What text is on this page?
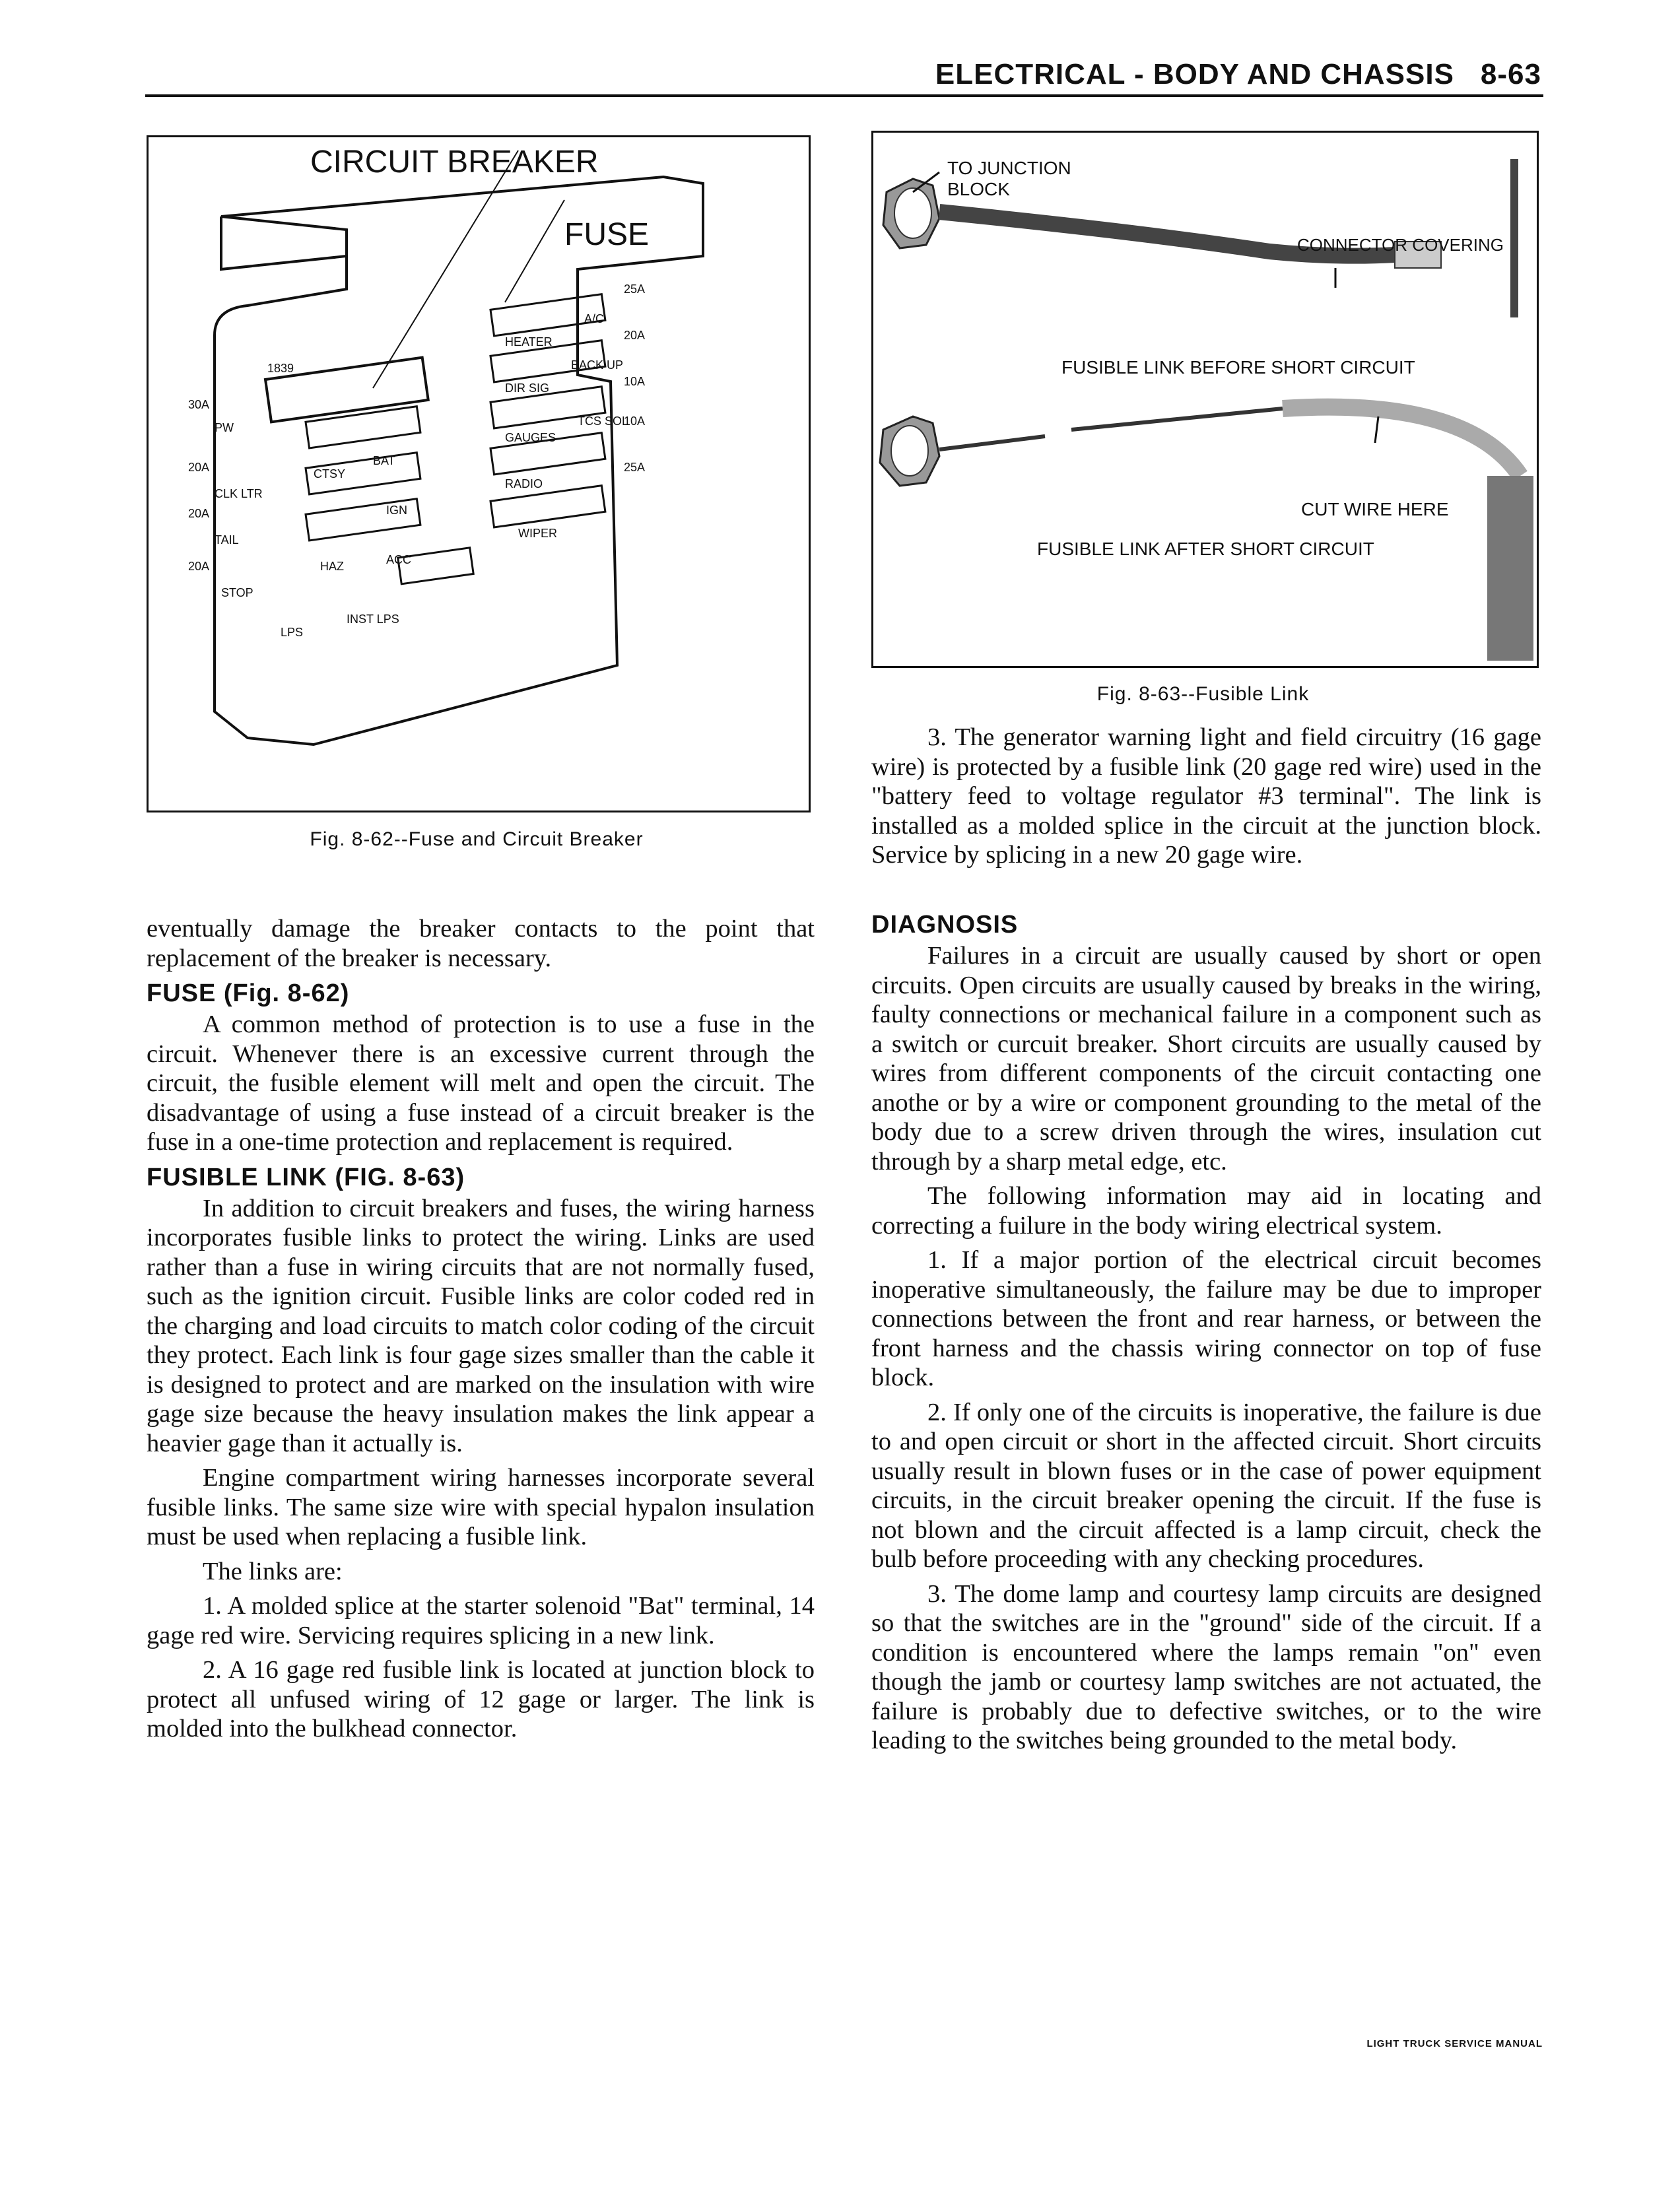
ELECTRICAL - BODY AND CHASSIS 8-63
CIRCUIT BREAKER
FUSE
1839
30A
PW
20A
CLK LTR
CTSY
BAT
20A
TAIL
IGN
20A
STOP
HAZ	ACC
LPS
INST LPS
HEATER
A/C
25A
BACK UP
20A
DIR SIG	10A
GAUGES
TCS SOL
10A
RADIO
25A
WIPER
Fig. 8-62--Fuse and Circuit Breaker
TO JUNCTION BLOCK
CONNECTOR COVERING
FUSIBLE LINK BEFORE SHORT CIRCUIT
CUT WIRE HERE
FUSIBLE LINK AFTER SHORT CIRCUIT
Fig. 8-63--Fusible Link

3. The generator warning light and field circuitry (16 gage wire) is protected by a fusible link (20 gage red wire) used in the "battery feed to voltage regulator #3 terminal". The link is installed as a molded splice in the circuit at the junction block. Service by splicing in a new 20 gage wire.

eventually damage the breaker contacts to the point that replacement of the breaker is necessary.

FUSE (Fig. 8-62)

A common method of protection is to use a fuse in the circuit. Whenever there is an excessive current through the circuit, the fusible element will melt and open the circuit. The disadvantage of using a fuse instead of a circuit breaker is the fuse in a one-time protection and replacement is required.

FUSIBLE LINK (FIG. 8-63)

In addition to circuit breakers and fuses, the wiring harness incorporates fusible links to protect the wiring. Links are used rather than a fuse in wiring circuits that are not normally fused, such as the ignition circuit. Fusible links are color coded red in the charging and load circuits to match color coding of the circuit they protect. Each link is four gage sizes smaller than the cable it is designed to protect and are marked on the insulation with wire gage size because the heavy insulation makes the link appear a heavier gage than it actually is.

Engine compartment wiring harnesses incorporate several fusible links. The same size wire with special hypalon insulation must be used when replacing a fusible link.

The links are:

1. A molded splice at the starter solenoid "Bat" terminal, 14 gage red wire. Servicing requires splicing in a new link.

2. A 16 gage red fusible link is located at junction block to protect all unfused wiring of 12 gage or larger. The link is molded into the bulkhead connector.

DIAGNOSIS

Failures in a circuit are usually caused by short or open circuits. Open circuits are usually caused by breaks in the wiring, faulty connections or mechanical failure in a component such as a switch or curcuit breaker. Short circuits are usually caused by wires from different components of the circuit contacting one anothe or by a wire or component grounding to the metal of the body due to a screw driven through the wires, insulation cut through by a sharp metal edge, etc.

The following information may aid in locating and correcting a fuilure in the body wiring electrical system.

1. If a major portion of the electrical circuit becomes inoperative simultaneously, the failure may be due to improper connections between the front and rear harness, or between the front harness and the chassis wiring connector on top of fuse block.

2. If only one of the circuits is inoperative, the failure is due to and open circuit or short in the affected circuit. Short circuits usually result in blown fuses or in the case of power equipment circuits, in the circuit breaker opening the circuit. If the fuse is not blown and the circuit affected is a lamp circuit, check the bulb before proceeding with any checking procedures.

3. The dome lamp and courtesy lamp circuits are designed so that the switches are in the "ground" side of the circuit. If a condition is encountered where the lamps remain "on" even though the jamb or courtesy lamp switches are not actuated, the failure is probably due to defective switches, or to the wire leading to the switches being grounded to the metal body.

LIGHT TRUCK SERVICE MANUAL
